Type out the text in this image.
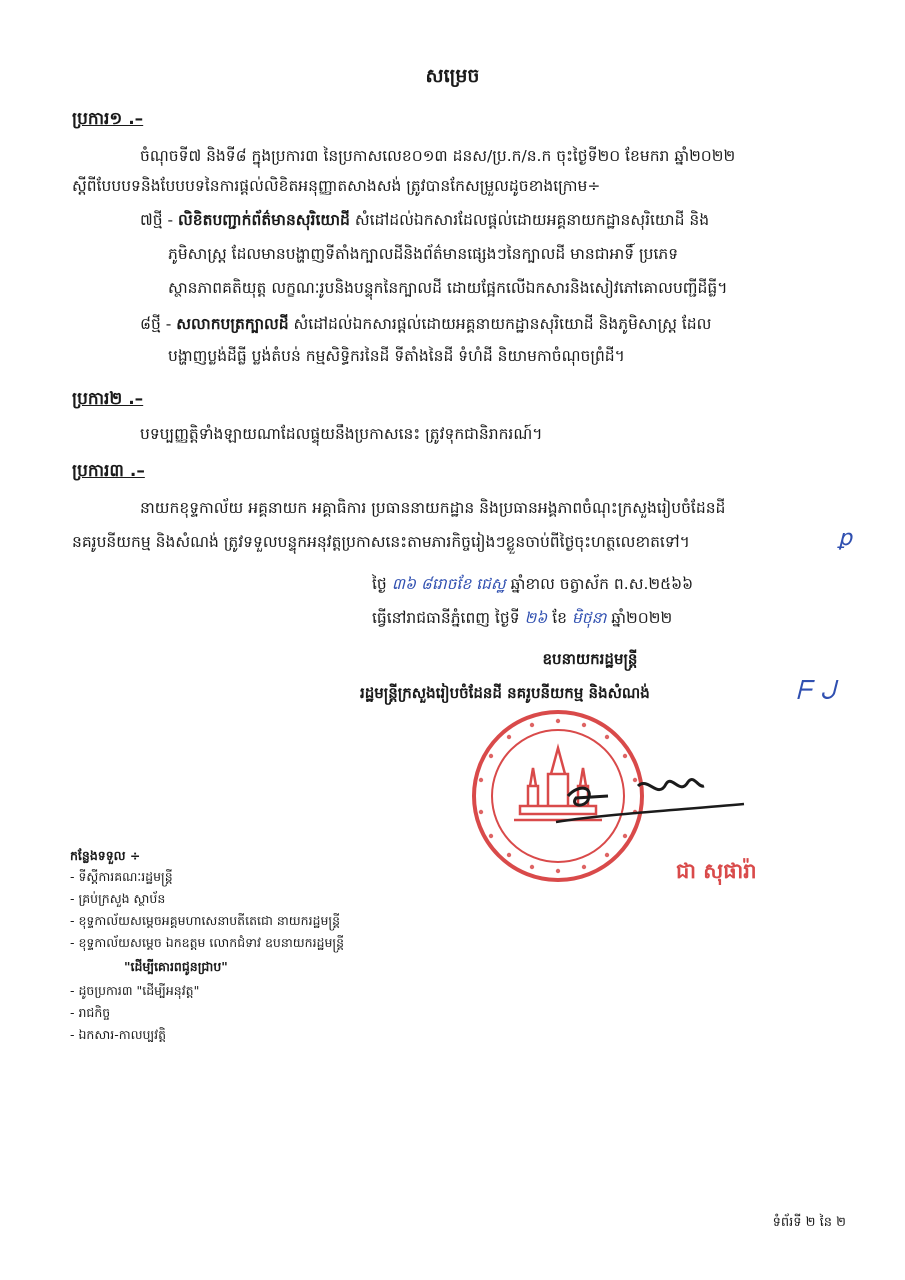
សម្រេច
ប្រការ១ .–
ចំណុចទី៧ និងទី៨ ក្នុងប្រការ៣ នៃប្រកាសលេខ០១៣ ដនស/ប្រ.ក/ន.ក ចុះថ្ងៃទី២០ ខែមករា ឆ្នាំ២០២២
ស្តីពីបែបបទនិងបែបបទនៃការផ្តល់លិខិតអនុញ្ញាតសាងសង់ ត្រូវបានកែសម្រួលដូចខាងក្រោម÷
៧ថ្មី - លិខិតបញ្ជាក់ព័ត៌មានសុរិយោដី សំដៅដល់ឯកសារដែលផ្តល់ដោយអគ្គនាយកដ្ឋានសុរិយោដី និង
ភូមិសាស្ត្រ ដែលមានបង្ហាញទីតាំងក្បាលដីនិងព័ត៌មានផ្សេងៗនៃក្បាលដី មានជាអាទិ៍ ប្រភេទ
ស្ថានភាពគតិយុត្ត លក្ខណៈរូបនិងបន្ទុកនៃក្បាលដី ដោយផ្អែកលើឯកសារនិងសៀវភៅគោលបញ្ជីដីធ្លី។
៨ថ្មី - សលាកបត្រក្បាលដី សំដៅដល់ឯកសារផ្តល់ដោយអគ្គនាយកដ្ឋានសុរិយោដី និងភូមិសាស្ត្រ ដែល
បង្ហាញប្លង់ដីធ្លី ប្លង់តំបន់ កម្មសិទ្ធិករនៃដី ទីតាំងនៃដី ទំហំដី និយាមកាចំណុចព្រំដី។
ប្រការ២ .–
បទប្បញ្ញត្តិទាំងឡាយណាដែលផ្ទុយនឹងប្រកាសនេះ ត្រូវទុកជានិរាករណ៍។
ប្រការ៣ .–
នាយកខុទ្ទកាល័យ អគ្គនាយក អគ្គាធិការ ប្រធាននាយកដ្ឋាន និងប្រធានអង្គភាពចំណុះក្រសួងរៀបចំដែនដី
នគរូបនីយកម្ម និងសំណង់ ត្រូវទទួលបន្ទុកអនុវត្តប្រកាសនេះតាមភារកិច្ចរៀងៗខ្លួនចាប់ពីថ្ងៃចុះហត្ថលេខាតទៅ។	ꝑ
ថ្ងៃ ៣៦ ៨រោចខែ ជេស្ឋ ឆ្នាំខាល ចត្វាស័ក ព.ស.២៥៦៦
ធ្វើនៅរាជធានីភ្នំពេញ ថ្ងៃទី ២៦ ខែ មិថុនា ឆ្នាំ២០២២
ឧបនាយករដ្ឋមន្ត្រី
រដ្ឋមន្ត្រីក្រសួងរៀបចំដែនដី នគរូបនីយកម្ម និងសំណង់	ᖴ ᒍ
ជា សុផារ៉ា
កន្លែងទទួល ÷
- ទីស្តីការគណៈរដ្ឋមន្ត្រី
- គ្រប់ក្រសួង ស្ថាប័ន
- ខុទ្ទកាល័យសម្តេចអគ្គមហាសេនាបតីតេជោ នាយករដ្ឋមន្ត្រី
- ខុទ្ទកាល័យសម្តេច ឯកឧត្តម លោកជំទាវ ឧបនាយករដ្ឋមន្ត្រី
"ដើម្បីគោរពជូនជ្រាប"
- ដូចប្រការ៣ "ដើម្បីអនុវត្ត"
- រាជកិច្ច
- ឯកសារ-កាលប្បវត្តិ
ទំព័រទី ២ នៃ ២
